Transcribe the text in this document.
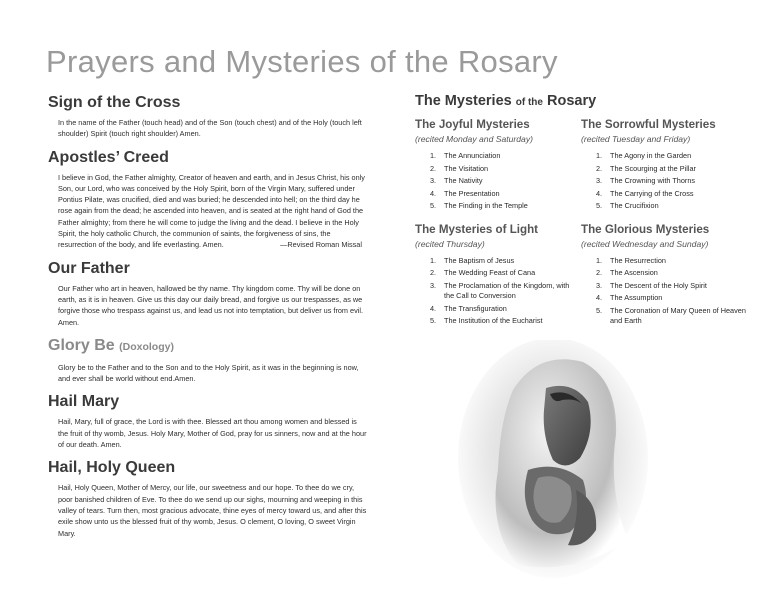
Prayers and Mysteries of the Rosary
Sign of the Cross

In the name of the Father (touch head) and of the Son (touch chest) and of the Holy (touch left shoulder) Spirit (touch right shoulder) Amen.

Apostles’ Creed

I believe in God, the Father almighty, Creator of heaven and earth, and in Jesus Christ, his only Son, our Lord, who was conceived by the Holy Spirit, born of the Virgin Mary, suffered under Pontius Pilate, was crucified, died and was buried; he descended into hell; on the third day he rose again from the dead; he ascended into heaven, and is seated at the right hand of God the Father almighty; from there he will come to judge the living and the dead. I believe in the Holy Spirit, the holy catholic Church, the communion of saints, the forgiveness of sins, the resurrection of the body, and life everlasting. Amen.	—Revised Roman Missal

Our Father

Our Father who art in heaven, hallowed be thy name. Thy kingdom come. Thy will be done on earth, as it is in heaven. Give us this day our daily bread, and forgive us our trespasses, as we forgive those who trespass against us, and lead us not into temptation, but deliver us from evil. Amen.

Glory Be (Doxology)

Glory be to the Father and to the Son and to the Holy Spirit, as it was in the beginning is now, and ever shall be world without end.Amen.

Hail Mary

Hail, Mary, full of grace, the Lord is with thee. Blessed art thou among women and blessed is the fruit of thy womb, Jesus. Holy Mary, Mother of God, pray for us sinners, now and at the hour of our death. Amen.

Hail, Holy Queen

Hail, Holy Queen, Mother of Mercy, our life, our sweetness and our hope. To thee do we cry, poor banished children of Eve. To thee do we send up our sighs, mourning and weeping in this valley of tears. Turn then, most gracious advocate, thine eyes of mercy toward us, and after this exile show unto us the blessed fruit of thy womb, Jesus. O clement, O loving, O sweet Virgin Mary.

The Mysteries of the Rosary
The Joyful Mysteries

(recited Monday and Saturday)

1.	The Annunciation
2.	The Visitation
3.	The Nativity
4.	The Presentation
5.	The Finding in the Temple
The Sorrowful Mysteries

(recited Tuesday and Friday)

1.	The Agony in the Garden
2.	The Scourging at the Pillar
3.	The Crowning with Thorns
4.	The Carrying of the Cross
5.	The Crucifixion
The Mysteries of Light

(recited Thursday)

1.	The Baptism of Jesus
2.	The Wedding Feast of Cana
3.	The Proclamation of the Kingdom, with the Call to Conversion
4.	The Transfiguration
5.	The Institution of the Eucharist
The Glorious Mysteries

(recited Wednesday and Sunday)

1.	The Resurrection
2.	The Ascension
3.	The Descent of the Holy Spirit
4.	The Assumption
5.	The Coronation of Mary Queen of Heaven and Earth
